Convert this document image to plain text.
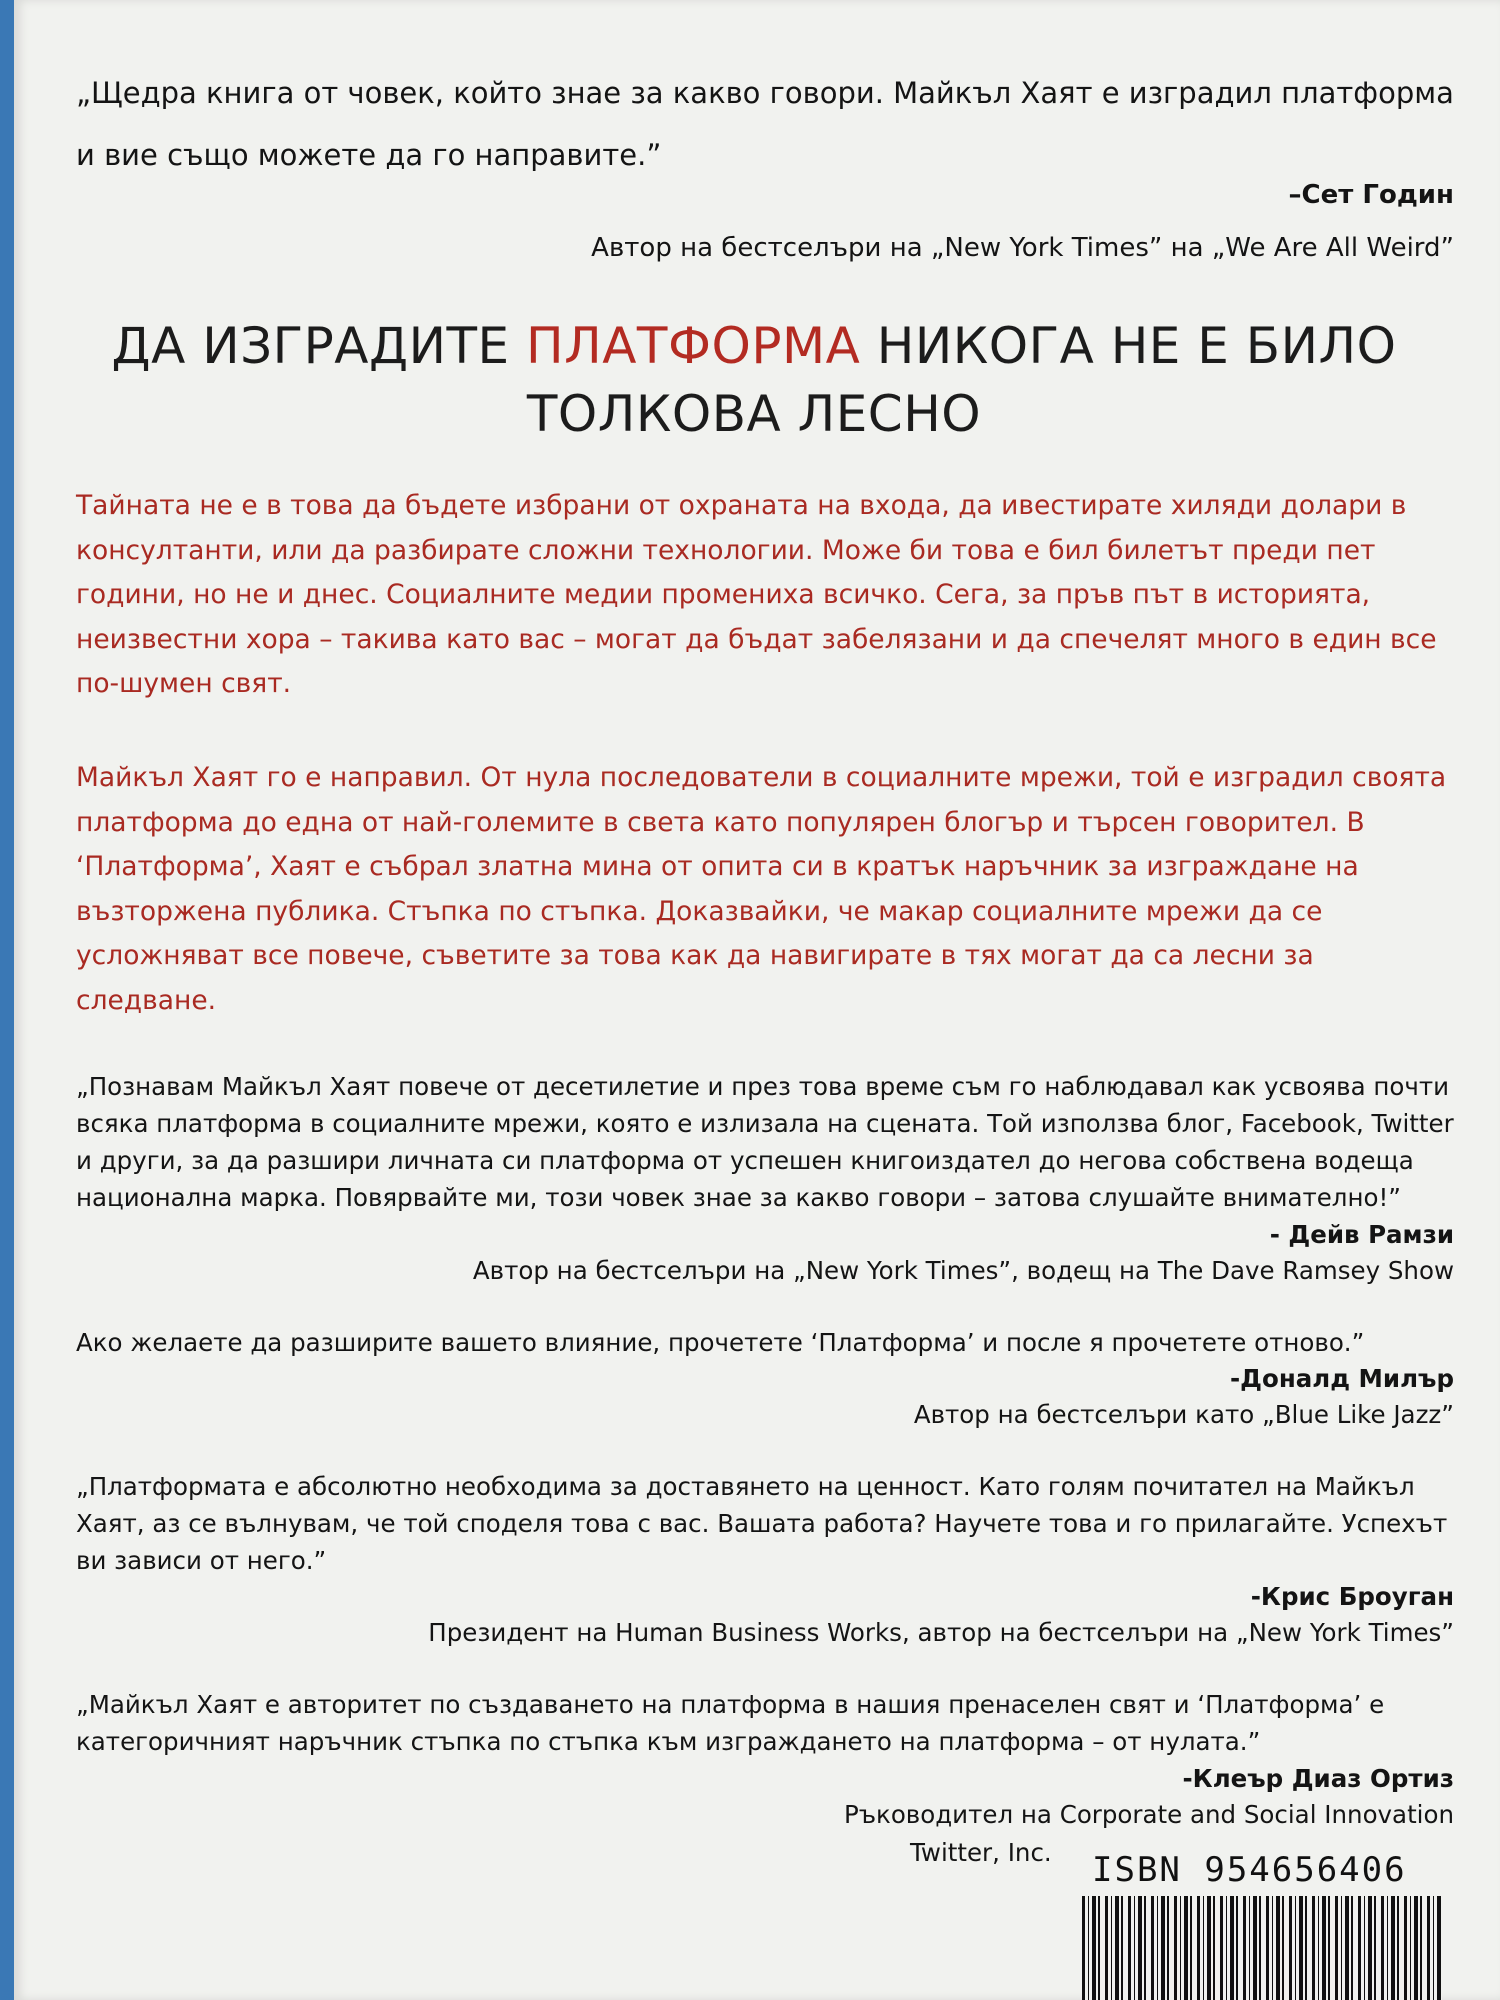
„Щедра книга от човек, който знае за какво говори. Майкъл Хаят е изградил платформа и вие също можете да го направите.”
–Сет Годин
Автор на бестселъри на „New York Times” на „We Are All Weird”
ДА ИЗГРАДИТЕ ПЛАТФОРМА НИКОГА НЕ Е БИЛО ТОЛКОВА ЛЕСНО
Тайната не е в това да бъдете избрани от охраната на входа, да ивестирате хиляди долари в консултанти, или да разбирате сложни технологии. Може би това е бил билетът преди пет години, но не и днес. Социалните медии промениха всичко. Сега, за пръв път в историята, неизвестни хора – такива като вас – могат да бъдат забелязани и да спечелят много в един все по-шумен свят.
Майкъл Хаят го е направил. От нула последователи в социалните мрежи, той е изградил своята платформа до една от най-големите в света като популярен блогър и търсен говорител. В ‘Платформа’, Хаят е събрал златна мина от опита си в кратък наръчник за изграждане на възторжена публика. Стъпка по стъпка. Доказвайки, че макар социалните мрежи да се усложняват все повече, съветите за това как да навигирате в тях могат да са лесни за следване.
„Познавам Майкъл Хаят повече от десетилетие и през това време съм го наблюдавал как усвоява почти всяка платформа в социалните мрежи, която е излизала на сцената. Той използва блог, Facebook, Twitter и други, за да разшири личната си платформа от успешен книгоиздател до негова собствена водеща национална марка. Повярвайте ми, този човек знае за какво говори – затова слушайте внимателно!”
- Дейв Рамзи
Автор на бестселъри на „New York Times”, водещ на The Dave Ramsey Show
Ако желаете да разширите вашето влияние, прочетете ‘Платформа’ и после я прочетете отново.”
-Доналд Милър
Автор на бестселъри като „Blue Like Jazz”
„Платформата е абсолютно необходима за доставянето на ценност. Като голям почитател на Майкъл Хаят, аз се вълнувам, че той споделя това с вас. Вашата работа? Научете това и го прилагайте. Успехът ви зависи от него.”
-Крис Броуган
Президент на Human Business Works, автор на бестселъри на „New York Times”
„Майкъл Хаят е авторитет по създаването на платформа в нашия пренаселен свят и ‘Платформа’ е категоричният наръчник стъпка по стъпка към изграждането на платформа – от нулата.”
-Клеър Диаз Ортиз
Ръководител на Corporate and Social Innovation
Twitter, Inc.	ISBN 954656406
